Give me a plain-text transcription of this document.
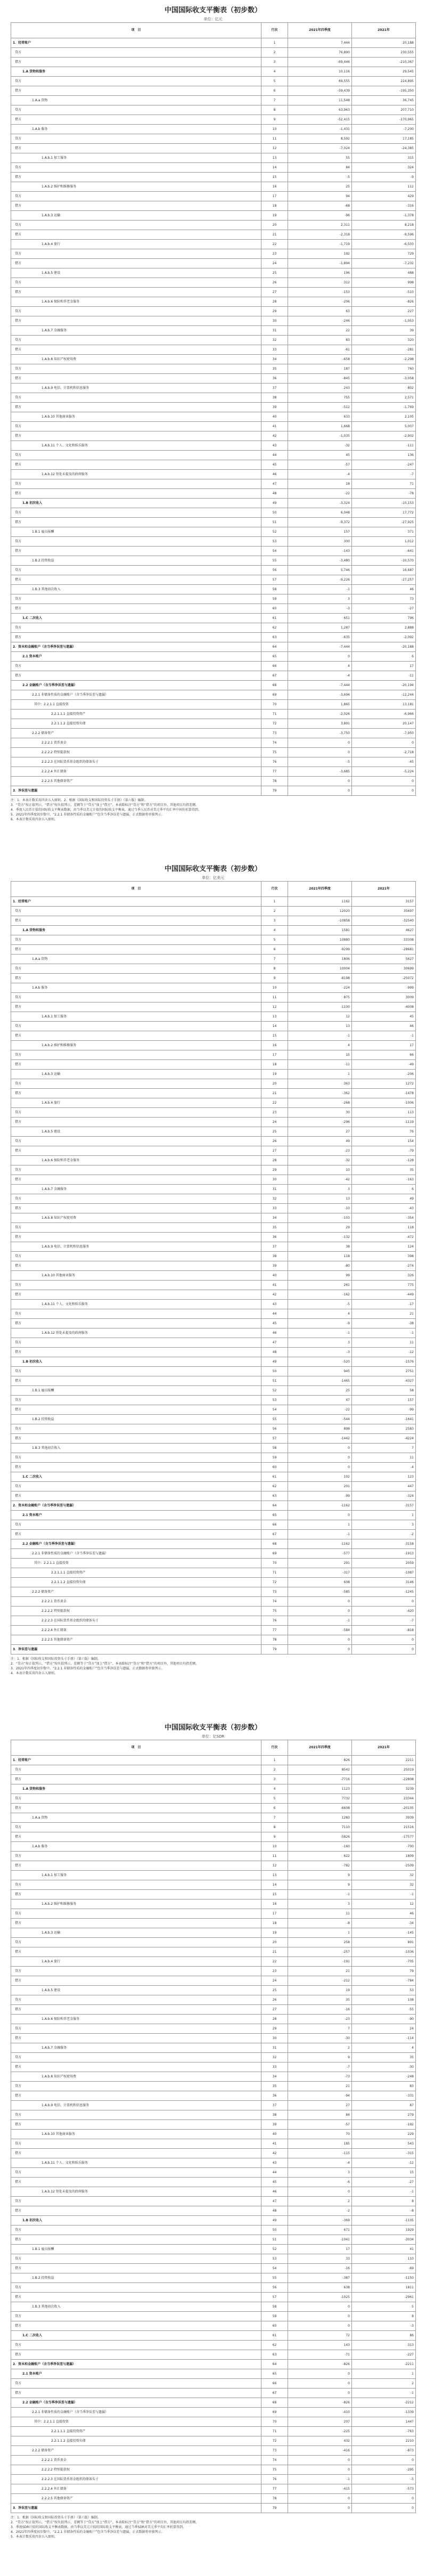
中国国际收支平衡表（初步数）
单位：亿元
项　目	行次	2021年四季度	2021年
1．经常账户	1	7,444	20,188
贷方	2	76,890	230,555
借方	3	-69,446	-210,367
1.A 货物和服务	4	10,116	29,545
贷方	5	69,555	224,895
借方	6	-59,439	-195,350
1.A.a 货物	7	11,548	36,745
贷方	8	63,963	207,710
借方	9	-52,415	-170,965
1.A.b 服务	10	-1,431	-7,200
贷方	11	8,592	17,185
借方	12	-7,024	-24,385
1.A.b.1 加工服务	13	55	315
贷方	14	84	324
借方	15	-5	-9
1.A.b.2 维护和维修服务	16	25	112
贷方	17	94	429
借方	18	-68	-316
1.A.b.3 运输	19	-96	-1,378
贷方	20	2,311	8,218
借方	21	-2,318	-9,596
1.A.b.4 旅行	22	-1,719	-6,503
贷方	23	192	729
借方	24	-1,894	-7,232
1.A.b.5 建设	25	196	488
贷方	26	312	998
借方	27	-153	-510
1.A.b.6 保险和养老金服务	28	-206	-826
贷方	29	63	227
借方	30	-246	-1,053
1.A.b.7 金融服务	31	22	39
贷方	32	83	320
借方	33	-61	-281
1.A.b.8 知识产权使用费	34	-658	-2,298
贷方	35	187	760
借方	36	-845	-3,058
1.A.b.9 电信、计算机和信息服务	37	243	802
贷方	38	755	2,571
借方	39	-512	-1,769
1.A.b.10 其他商业服务	40	633	2,105
贷方	41	1,668	5,007
借方	42	-1,035	-2,902
1.A.b.11 个人、文化和娱乐服务	43	-32	-111
贷方	44	45	136
借方	45	-57	-247
1.A.b.12 别处未提及的政府服务	46	-4	-7
贷方	47	18	71
借方	48	-22	-78
1.B 初次收入	49	-3,324	-10,153
贷方	50	6,048	17,772
借方	51	-9,372	-27,925
1.B.1 雇员报酬	52	157	371
贷方	53	300	1,012
借方	54	-143	-641
1.B.2 投资收益	55	-3,480	-10,570
贷方	56	5,746	16,687
借方	57	-9,226	-27,257
1.B.3 其他初次收入	58	-1	46
贷方	59	3	73
借方	60	-3	-27
1.C 二次收入	61	651	796
贷方	62	1,287	2,888
借方	63	-635	-2,092
2．资本和金融账户（含当季净误差与遗漏）	64	-7,444	-20,188
2.1 资本账户	65	0	6
贷方	66	4	17
借方	67	-4	-11
2.2 金融账户（含当季净误差与遗漏）	68	-7,444	-20,194
2.2.1 非储备性质的金融账户（含当季净误差与遗漏）	69	-3,694	-12,244
其中：2.2.1.1 直接投资	70	1,865	13,181
2.2.1.1.1 直接投资资产	71	-2,026	-6,966
2.2.1.1.2 直接投资负债	72	3,891	20,147
2.2.2 储备资产	73	-3,750	-7,950
2.2.2.1 货币黄金	74	0	0
2.2.2.2 特别提款权	75	0	-2,718
2.2.2.3 在国际货币基金组织的储备头寸	76	-5	-45
2.2.2.4 外汇储备	77	-3,685	-5,224
2.2.2.5 其他储备资产	78	0	0
3．净误差与遗漏	79	0	0

注：1．本表计数采用四舍五入原则。2．根据《国际收支和国际投资头寸手册》（第六版）编制。

3．“贷方”按正值列示，“借方”按负值列示，差额等于“贷方”加上“借方”。本表除标注“贷方”和“借方”的项目外，其他项目均指差额。

4．季度人民币计值的国际收支平衡表数据，由当季以美元计值的国际收支平衡表，通过当季人民币对美元季平均汇率中间价折算得到。

5．2021年四季度初步数中，“2.2.1 非储备性质的金融账户”包含当季净误差与遗漏，正式数据将单独列示。

6．本表计数采用四舍五入原则。

中国国际收支平衡表（初步数）
单位：亿美元
项　目	行次	2021年四季度	2021年
1．经常账户	1	1162	3157
贷方	2	12020	35697
借方	3	-10858	-32540
1.A 货物和服务	4	1581	4627
贷方	5	10880	33308
借方	6	-9299	-28681
1.A.a 货物	7	1806	5627
贷方	8	10004	30699
借方	9	-8198	-25072
1.A.b 服务	10	-224	-999
贷方	11	875	3009
借方	12	-1100	-4008
1.A.b.1 加工服务	13	12	45
贷方	14	13	46
借方	15	-1	-1
1.A.b.2 维护和维修服务	16	4	17
贷方	17	15	66
借方	18	-11	-49
1.A.b.3 运输	19	1	-206
贷方	20	363	1272
借方	21	-362	-1478
1.A.b.4 旅行	22	-268	-1006
贷方	23	30	113
借方	24	-296	-1119
1.A.b.5 建设	25	27	76
贷方	26	49	154
借方	27	-23	-79
1.A.b.6 保险和养老金服务	28	-32	-128
贷方	29	10	35
借方	30	-42	-163
1.A.b.7 金融服务	31	3	6
贷方	32	13	49
借方	33	-10	-43
1.A.b.8 知识产权使用费	34	-103	-354
贷方	35	29	118
借方	36	-132	-472
1.A.b.9 电信、计算机和信息服务	37	38	124
贷方	38	118	398
借方	39	-80	-274
1.A.b.10 其他商业服务	40	99	326
贷方	41	261	775
借方	42	-162	-449
1.A.b.11 个人、文化和娱乐服务	43	-5	-17
贷方	44	4	21
借方	45	-9	-38
1.A.b.12 别处未提及的政府服务	46	-1	-1
贷方	47	3	11
借方	48	-3	-12
1.B 初次收入	49	-520	-1576
贷方	50	945	2751
借方	51	-1465	-4327
1.B.1 雇员报酬	52	25	58
贷方	53	47	157
借方	54	-22	-99
1.B.2 投资收益	55	-544	-1641
贷方	56	898	2583
借方	57	-1442	-4224
1.B.3 其他初次收入	58	0	7
贷方	59	0	11
借方	60	0	-4
1.C 二次收入	61	102	123
贷方	62	201	447
借方	63	-99	-324
2．资本和金融账户（含当季净误差与遗漏）	64	-1162	-3157
2.1 资本账户	65	0	1
贷方	66	1	3
借方	67	-1	-2
2.2 金融账户（含当季净误差与遗漏）	68	-1162	-3158
2.2.1 非储备性质的金融账户（含当季净误差与遗漏）	69	-577	-1913
其中：2.2.1.1 直接投资	70	291	2059
2.2.1.1.1 直接投资资产	71	-317	-1087
2.2.1.1.2 直接投资负债	72	608	3146
2.2.2 储备资产	73	-585	-1245
2.2.2.1 货币黄金	74	0	0
2.2.2.2 特别提款权	75	0	-420
2.2.2.3 在国际货币基金组织的储备头寸	76	-1	-7
2.2.2.4 外汇储备	77	-584	-818
2.2.2.5 其他储备资产	78	0	0
3．净误差与遗漏	79	0	0

注：1．根据《国际收支和国际投资头寸手册》（第六版）编制。

2．“贷方”按正值列示，“借方”按负值列示，差额等于“贷方”加上“借方”。本表除标注“贷方”和“借方”的项目外，其他项目均指差额。

3．2021年四季度初步数中，“2.2.1 非储备性质的金融账户”包含当季净误差与遗漏，正式数据将单独列示。

4．本表计数采用四舍五入原则。

中国国际收支平衡表（初步数）
单位：亿SDR
项　目	行次	2021年四季度	2021年
1．经常账户	1	826	2211
贷方	2	8542	25019
借方	3	-7716	-22808
1.A 货物和服务	4	1123	3239
贷方	5	7732	23344
借方	6	-6608	-20105
1.A.a 货物	7	1283	3939
贷方	8	7110	21516
借方	9	-5826	-17577
1.A.b 服务	10	-160	-700
贷方	11	622	1809
借方	12	-782	-2509
1.A.b.1 加工服务	13	9	32
贷方	14	9	32
借方	15	-1	-1
1.A.b.2 维护和维修服务	16	3	12
贷方	17	11	46
借方	18	-8	-34
1.A.b.3 运输	19	1	-145
贷方	20	258	891
借方	21	-257	-1036
1.A.b.4 旅行	22	-191	-705
贷方	23	21	79
借方	24	-212	-784
1.A.b.5 建设	25	19	53
贷方	26	35	108
借方	27	-16	-55
1.A.b.6 保险和养老金服务	28	-23	-90
贷方	29	7	24
借方	30	-30	-114
1.A.b.7 金融服务	31	2	4
贷方	32	9	35
借方	33	-7	-30
1.A.b.8 知识产权使用费	34	-73	-248
贷方	35	21	83
借方	36	-94	-331
1.A.b.9 电信、计算机和信息服务	37	27	87
贷方	38	84	279
借方	39	-57	-192
1.A.b.10 其他商业服务	40	70	229
贷方	41	185	543
借方	42	-115	-315
1.A.b.11 个人、文化和娱乐服务	43	-4	-12
贷方	44	3	15
借方	45	-6	-27
1.A.b.12 别处未提及的政府服务	46	0	-1
贷方	47	2	8
借方	48	-2	-8
1.B 初次收入	49	-369	-1105
贷方	50	671	1929
借方	51	-1041	-3034
1.B.1 雇员报酬	52	17	41
贷方	53	33	110
借方	54	-16	-69
1.B.2 投资收益	55	-387	-1150
贷方	56	638	1811
借方	57	-1025	-2961
1.B.3 其他初次收入	58	0	5
贷方	59	0	8
借方	60	0	-3
1.C 二次收入	61	72	86
贷方	62	143	313
借方	63	-71	-227
2．资本和金融账户（含当季净误差与遗漏）	64	-826	-2211
2.1 资本账户	65	0	1
贷方	66	0	2
借方	67	0	-1
2.2 金融账户（含当季净误差与遗漏）	68	-826	-2212
2.2.1 非储备性质的金融账户（含当季净误差与遗漏）	69	-410	-1339
其中：2.2.1.1 直接投资	70	207	1447
2.2.1.1.1 直接投资资产	71	-225	-763
2.2.1.1.2 直接投资负债	72	432	2210
2.2.2 储备资产	73	-416	-873
2.2.2.1 货币黄金	74	0	0
2.2.2.2 特别提款权	75	0	-295
2.2.2.3 在国际货币基金组织的储备头寸	76	-1	-5
2.2.2.4 外汇储备	77	-415	-573
2.2.2.5 其他储备资产	78	0	0
3．净误差与遗漏	79	0	0

注：1．根据《国际收支和国际投资头寸手册》（第六版）编制。

2．“贷方”按正值列示，“借方”按负值列示，差额等于“贷方”加上“借方”。本表除标注“贷方”和“借方”的项目外，其他项目均指差额。

3．季度SDR计值的国际收支平衡表数据，由当季以美元计值的国际收支平衡表，通过当季SDR对美元季平均汇率折算得到。

4．2021年四季度初步数中，“2.2.1 非储备性质的金融账户”包含当季净误差与遗漏，正式数据将单独列示。

5．本表计数采用四舍五入原则。
